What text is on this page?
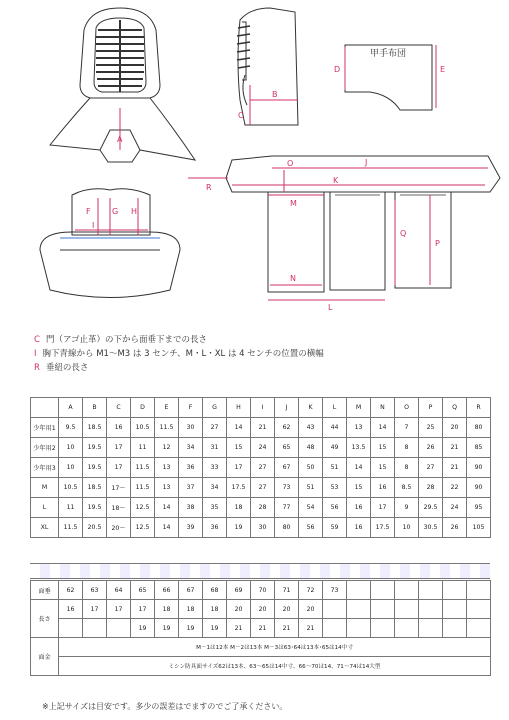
A
B
C
D	E
F	G H
I
J
K
L
M
N
O
P
Q
R
甲手布団
C 門（アゴ止革）の下から面垂下までの長さ
I 胸下青線から M1～M3 は 3 センチ、M・L・XL は 4 センチの位置の横幅
R 垂紐の長さ
	A	B	C	D	E	F	G	H	I	J	K	L	M	N	O	P	Q	R
少年用1	9.5	18.5	16	10.5	11.5	30	27	14	21	62	43	44	13	14	7	25	20	80
少年用2	10	19.5	17	11	12	34	31	15	24	65	48	49	13.5	15	8	26	21	85
少年用3	10	19.5	17	11.5	13	36	33	17	27	67	50	51	14	15	8	27	21	90
M	10.5	18.5	17～	11.5	13	37	34	17.5	27	73	51	53	15	16	8.5	28	22	90
L	11	19.5	18～	12.5	14	38	35	18	28	77	54	56	16	17	9	29.5	24	95
XL	11.5	20.5	20～	12.5	14	39	36	19	30	80	56	59	16	17.5	10	30.5	26	105
面垂	62	63	64	65	66	67	68	69	70	71	72	73						
長さ	16	17	17	17	18	18	18	20	20	20	20							
				19	19	19	19	21	21	21	21							
面金	M－1は12本 M－2は13本 M－3は63･64は13本･65は14中寸																	
	ミシン防具面サイズ62は13本、63～65は14中寸、66～70は14、71～74は14大型																	
※上記サイズは目安です。多少の誤差はでますのでご了承ください。
